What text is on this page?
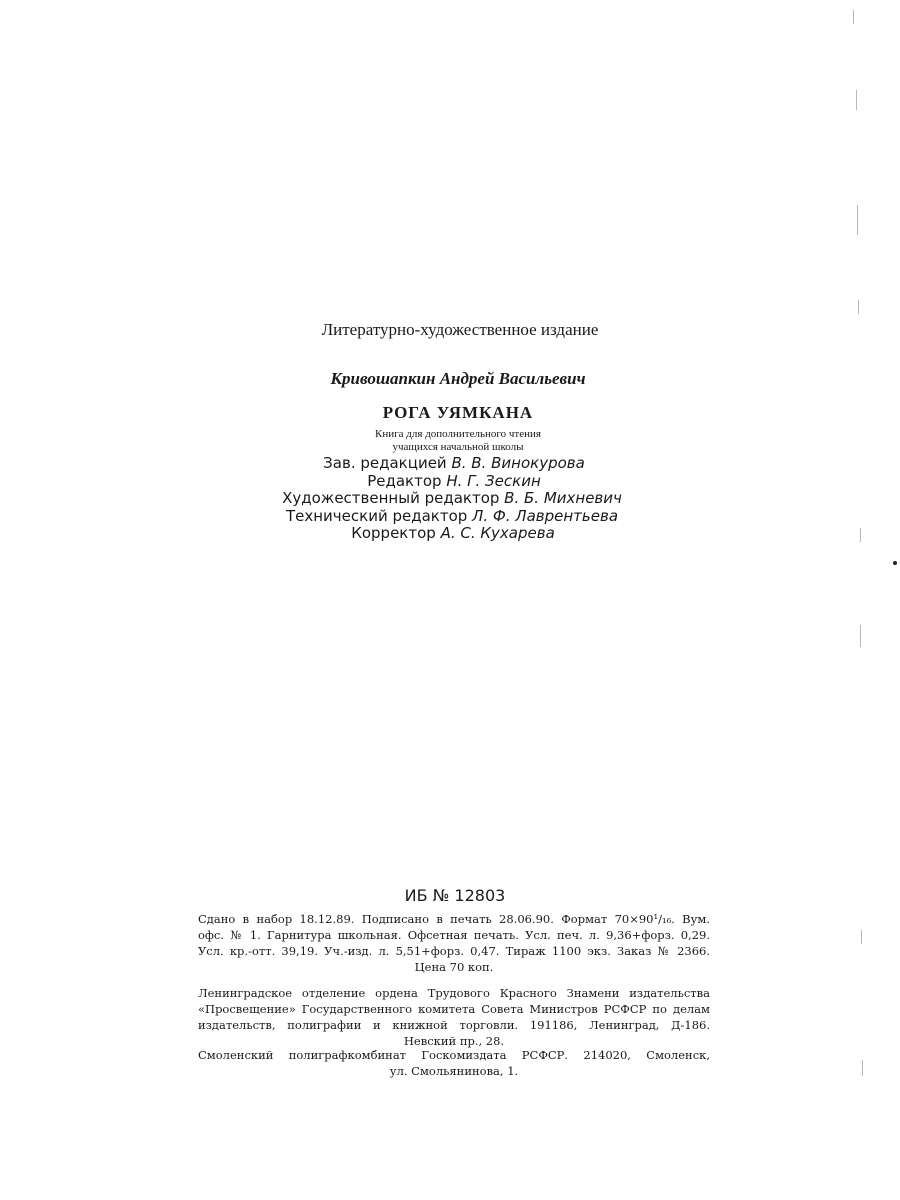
Литературно-художественное издание
Кривошапкин Андрей Васильевич
РОГА УЯМКАНА
Книга для дополнительного чтения
учащихся начальной школы
Зав. редакцией В. В. Винокурова
Редактор Н. Г. Зескин
Художественный редактор В. Б. Михневич
Технический редактор Л. Ф. Лаврентьева
Корректор А. С. Кухарева
ИБ № 12803

Сдано в набор 18.12.89. Подписано в печать 28.06.90. Формат 70×90¹/₁₆. Вум.

офс. № 1. Гарнитура школьная. Офсетная печать. Усл. печ. л. 9,36+форз. 0,29.

Усл. кр.-отт. 39,19. Уч.-изд. л. 5,51+форз. 0,47. Тираж 1100 экз. Заказ № 2366.

Цена 70 коп.

Ленинградское отделение ордена Трудового Красного Знамени издательства

«Просвещение» Государственного комитета Совета Министров РСФСР по делам

издательств, полиграфии и книжной торговли. 191186, Ленинград, Д-186.

Невский пр., 28.

Смоленский полиграфкомбинат Госкомиздата РСФСР. 214020, Смоленск,

ул. Смольянинова, 1.
